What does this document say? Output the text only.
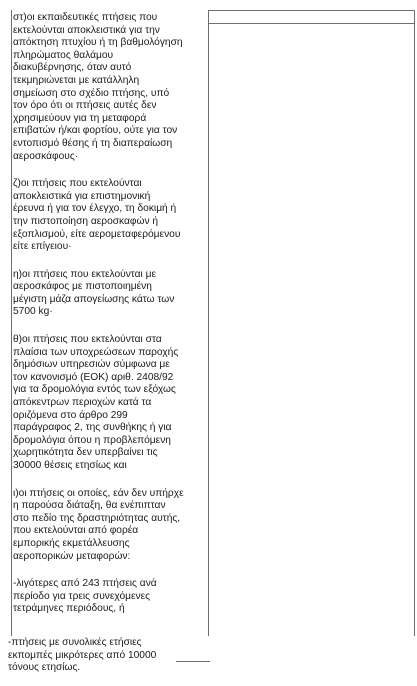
στ)οι εκπαιδευτικές πτήσεις που
εκτελούνται αποκλειστικά για την
απόκτηση πτυχίου ή τη βαθμολόγηση
πληρώματος θαλάμου
διακυβέρνησης, όταν αυτό
τεκμηριώνεται με κατάλληλη
σημείωση στο σχέδιο πτήσης, υπό
τον όρο ότι οι πτήσεις αυτές δεν
χρησιμεύουν για τη μεταφορά
επιβατών ή/και φορτίου, ούτε για τον
εντοπισμό θέσης ή τη διαπεραίωση
αεροσκάφους·

ζ)οι πτήσεις που εκτελούνται
αποκλειστικά για επιστημονική
έρευνα ή για τον έλεγχο, τη δοκιμή ή
την πιστοποίηση αεροσκαφών ή
εξοπλισμού, είτε αερομεταφερόμενου
είτε επίγειου·

η)οι πτήσεις που εκτελούνται με
αεροσκάφος με πιστοποιημένη
μέγιστη μάζα απογείωσης κάτω των
5700 kg·

θ)οι πτήσεις που εκτελούνται στα
πλαίσια των υποχρεώσεων παροχής
δημόσιων υπηρεσιών σύμφωνα με
τον κανονισμό (ΕΟΚ) αριθ. 2408/92
για τα δρομολόγια εντός των εξόχως
απόκεντρων περιοχών κατά τα
οριζόμενα στο άρθρο 299
παράγραφος 2, της συνθήκης ή για
δρομολόγια όπου η προβλεπόμενη
χωρητικότητα δεν υπερβαίνει τις
30000 θέσεις ετησίως και

ι)οι πτήσεις οι οποίες, εάν δεν υπήρχε
η παρούσα διάταξη, θα ενέπιπταν
στο πεδίο της δραστηριότητας αυτής,
που εκτελούνται από φορέα
εμπορικής εκμετάλλευσης
αεροπορικών μεταφορών:

-λιγότερες από 243 πτήσεις ανά
περίοδο για τρεις συνεχόμενες
τετράμηνες περιόδους, ή

-πτήσεις με συνολικές ετήσιες
εκπομπές μικρότερες από 10000
τόνους ετησίως.
